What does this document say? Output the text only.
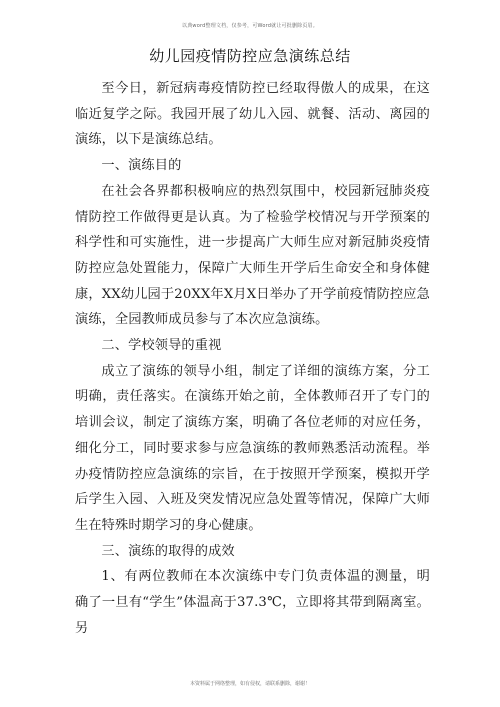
以典word整理文档，仅参考，可Word就让可批删除页眉。
幼儿园疫情防控应急演练总结

至今日，新冠病毒疫情防控已经取得傲人的成果，在这临近复学之际。我园开展了幼儿入园、就餐、活动、离园的演练，以下是演练总结。

一、演练目的

在社会各界都积极响应的热烈氛围中，校园新冠肺炎疫情防控工作做得更是认真。为了检验学校情况与开学预案的科学性和可实施性，进一步提高广大师生应对新冠肺炎疫情防控应急处置能力，保障广大师生开学后生命安全和身体健康，XX幼儿园于20XX年X月X日举办了开学前疫情防控应急演练，全园教师成员参与了本次应急演练。

二、学校领导的重视

成立了演练的领导小组，制定了详细的演练方案，分工明确，责任落实。在演练开始之前，全体教师召开了专门的培训会议，制定了演练方案，明确了各位老师的对应任务，细化分工，同时要求参与应急演练的教师熟悉活动流程。举办疫情防控应急演练的宗旨，在于按照开学预案，模拟开学后学生入园、入班及突发情况应急处置等情况，保障广大师生在特殊时期学习的身心健康。

三、演练的取得的成效

1、有两位教师在本次演练中专门负责体温的测量，明确了一旦有“学生”体温高于37.3℃，立即将其带到隔离室。另

本资料属于网络整理，如有侵权，请联系删除，谢谢！
